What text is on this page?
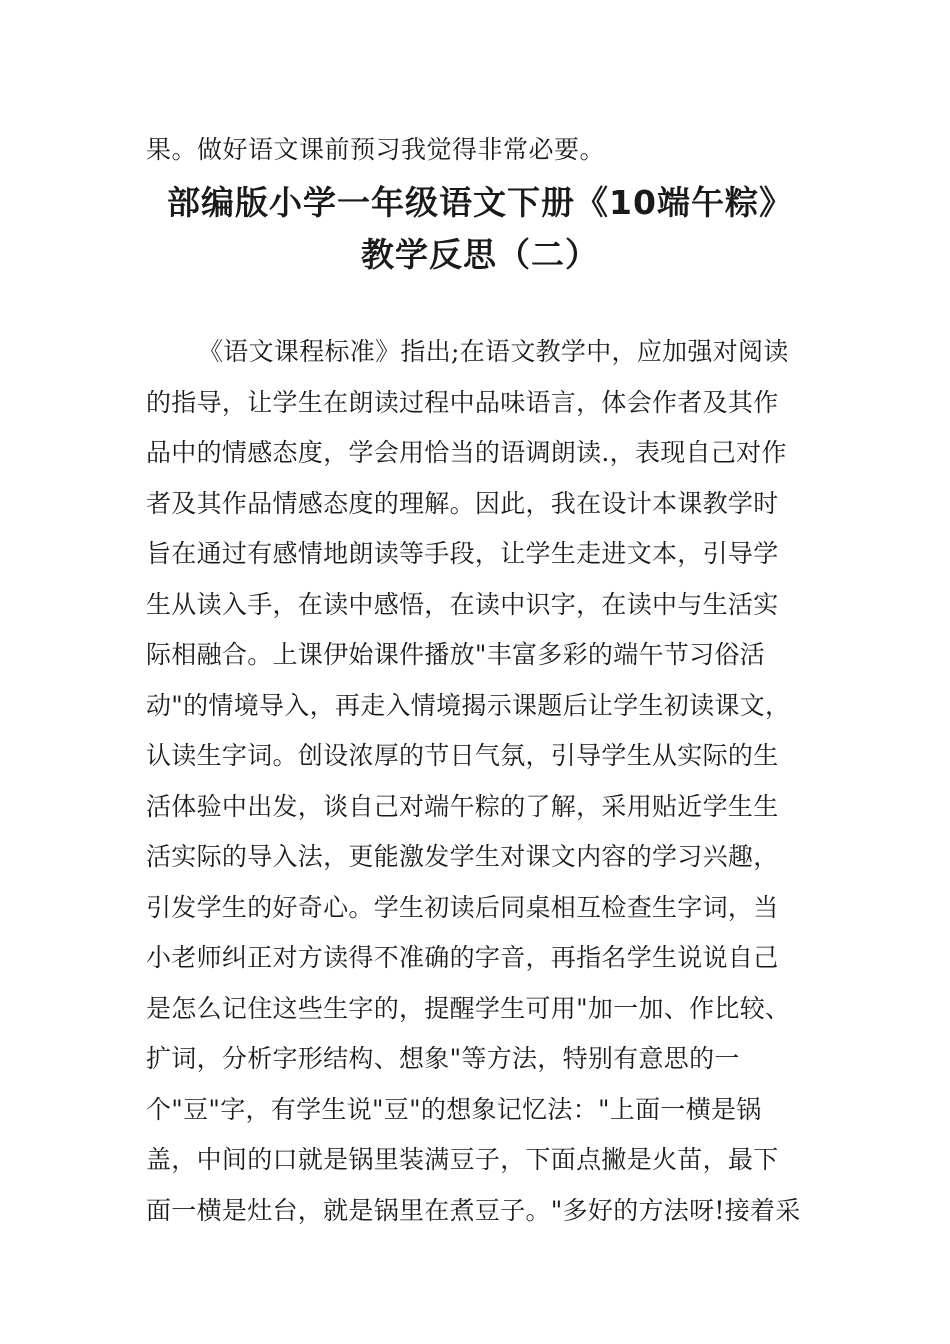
果。做好语文课前预习我觉得非常必要。
部编版小学一年级语文下册《10端午粽》
教学反思（二）
《语文课程标准》指出;在语文教学中，应加强对阅读
的指导，让学生在朗读过程中品味语言，体会作者及其作
品中的情感态度，学会用恰当的语调朗读.，表现自己对作
者及其作品情感态度的理解。因此，我在设计本课教学时
旨在通过有感情地朗读等手段，让学生走进文本，引导学
生从读入手，在读中感悟，在读中识字，在读中与生活实
际相融合。上课伊始课件播放"丰富多彩的端午节习俗活
动"的情境导入，再走入情境揭示课题后让学生初读课文，
认读生字词。创设浓厚的节日气氛，引导学生从实际的生
活体验中出发，谈自己对端午粽的了解，采用贴近学生生
活实际的导入法，更能激发学生对课文内容的学习兴趣，
引发学生的好奇心。学生初读后同桌相互检查生字词，当
小老师纠正对方读得不准确的字音，再指名学生说说自己
是怎么记住这些生字的，提醒学生可用"加一加、作比较、
扩词，分析字形结构、想象"等方法，特别有意思的一
个"豆"字，有学生说"豆"的想象记忆法："上面一横是锅
盖，中间的口就是锅里装满豆子，下面点撇是火苗，最下
面一横是灶台，就是锅里在煮豆子。"多好的方法呀!接着采
